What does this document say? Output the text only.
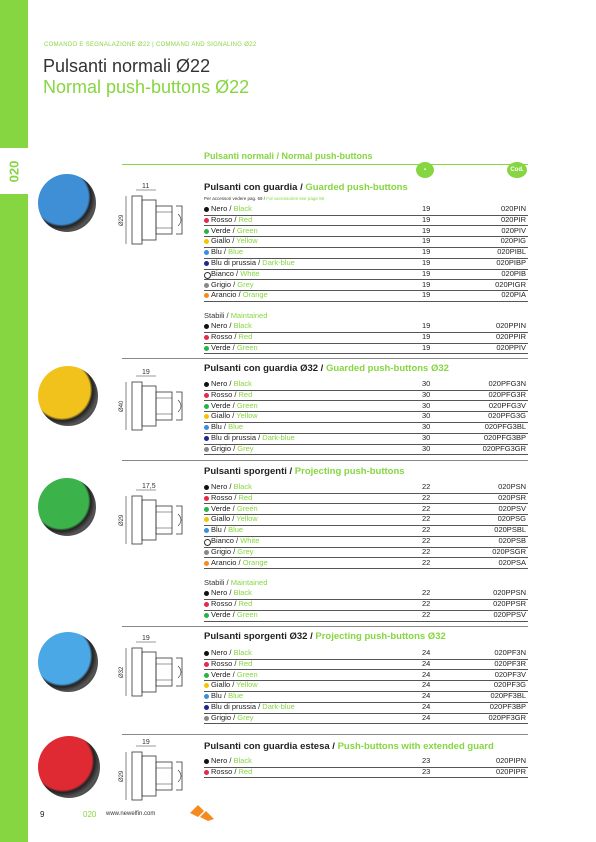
020
COMANDO E SEGNALAZIONE Ø22 | COMMAND AND SIGNALING Ø22
Pulsanti normali Ø22
Normal push-buttons Ø22
Pulsanti normali / Normal push-buttons
▪	Cod.
11
Ø29
Pulsanti con guardia / Guarded push-buttons
Per accessori vedere pag. 59 / For accessories see page 59
Nero / Black	19	020PIN
Rosso / Red	19	020PIR
Verde / Green	19	020PIV
Giallo / Yellow	19	020PIG
Blu / Blue	19	020PIBL
Blu di prussia / Dark-blue	19	020PIBP
Bianco / White	19	020PIB
Grigio / Grey	19	020PIGR
Arancio / Orange	19	020PIA
Stabili / Maintained
Nero / Black	19	020PPIN
Rosso / Red	19	020PPIR
Verde / Green	19	020PPIV
19
Ø40
Pulsanti con guardia Ø32 / Guarded push-buttons Ø32
Nero / Black	30	020PFG3N
Rosso / Red	30	020PFG3R
Verde / Green	30	020PFG3V
Giallo / Yellow	30	020PFG3G
Blu / Blue	30	020PFG3BL
Blu di prussia / Dark-blue	30	020PFG3BP
Grigio / Grey	30	020PFG3GR
17,5
Ø29
Pulsanti sporgenti / Projecting push-buttons
Nero / Black	22	020PSN
Rosso / Red	22	020PSR
Verde / Green	22	020PSV
Giallo / Yellow	22	020PSG
Blu / Blue	22	020PSBL
Bianco / White	22	020PSB
Grigio / Grey	22	020PSGR
Arancio / Orange	22	020PSA
Stabili / Maintained
Nero / Black	22	020PPSN
Rosso / Red	22	020PPSR
Verde / Green	22	020PPSV
19
Ø32
Pulsanti sporgenti Ø32 / Projecting push-buttons Ø32
Nero / Black	24	020PF3N
Rosso / Red	24	020PF3R
Verde / Green	24	020PF3V
Giallo / Yellow	24	020PF3G
Blu / Blue	24	020PF3BL
Blu di prussia / Dark-blue	24	020PF3BP
Grigio / Grey	24	020PF3GR
19
Ø29
Pulsanti con guardia estesa / Push-buttons with extended guard
Nero / Black	23	020PIPN
Rosso / Red	23	020PIPR
9	020 www.newelfin.com
